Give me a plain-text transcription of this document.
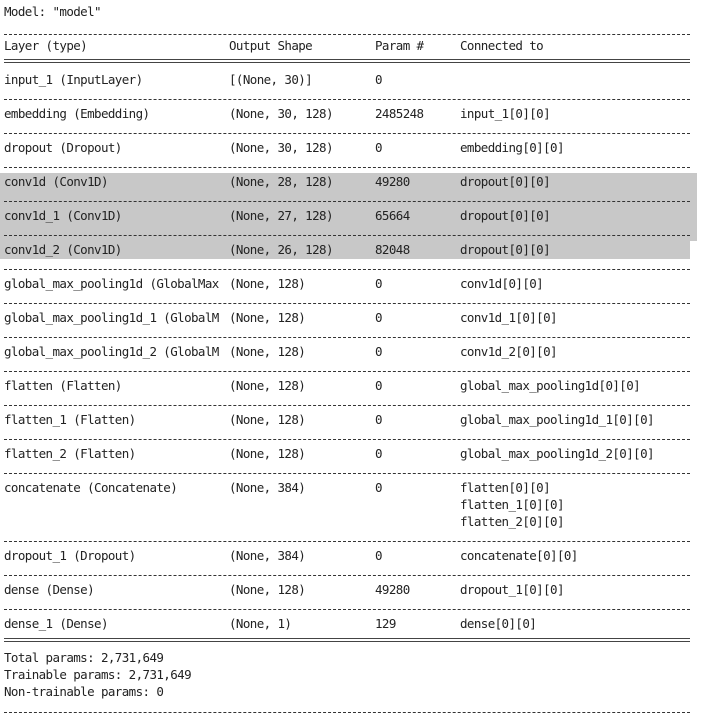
Model: "model"
Layer (type)	Output Shape	Param #	Connected to
input_1 (InputLayer)	[(None, 30)]	0
embedding (Embedding)	(None, 30, 128)	2485248	input_1[0][0]
dropout (Dropout)	(None, 30, 128)	0	embedding[0][0]
conv1d (Conv1D)	(None, 28, 128)	49280	dropout[0][0]
conv1d_1 (Conv1D)	(None, 27, 128)	65664	dropout[0][0]
conv1d_2 (Conv1D)	(None, 26, 128)	82048	dropout[0][0]
global_max_pooling1d (GlobalMax (None, 128)	0	conv1d[0][0]
global_max_pooling1d_1 (GlobalM (None, 128)	0	conv1d_1[0][0]
global_max_pooling1d_2 (GlobalM (None, 128)	0	conv1d_2[0][0]
flatten (Flatten)	(None, 128)	0	global_max_pooling1d[0][0]
flatten_1 (Flatten)	(None, 128)	0	global_max_pooling1d_1[0][0]
flatten_2 (Flatten)	(None, 128)	0	global_max_pooling1d_2[0][0]
concatenate (Concatenate)	(None, 384)	0	flatten[0][0]
flatten_1[0][0]
flatten_2[0][0]
dropout_1 (Dropout)	(None, 384)	0	concatenate[0][0]
dense (Dense)	(None, 128)	49280	dropout_1[0][0]
dense_1 (Dense)	(None, 1)	129	dense[0][0]
Total params: 2,731,649
Trainable params: 2,731,649
Non-trainable params: 0
